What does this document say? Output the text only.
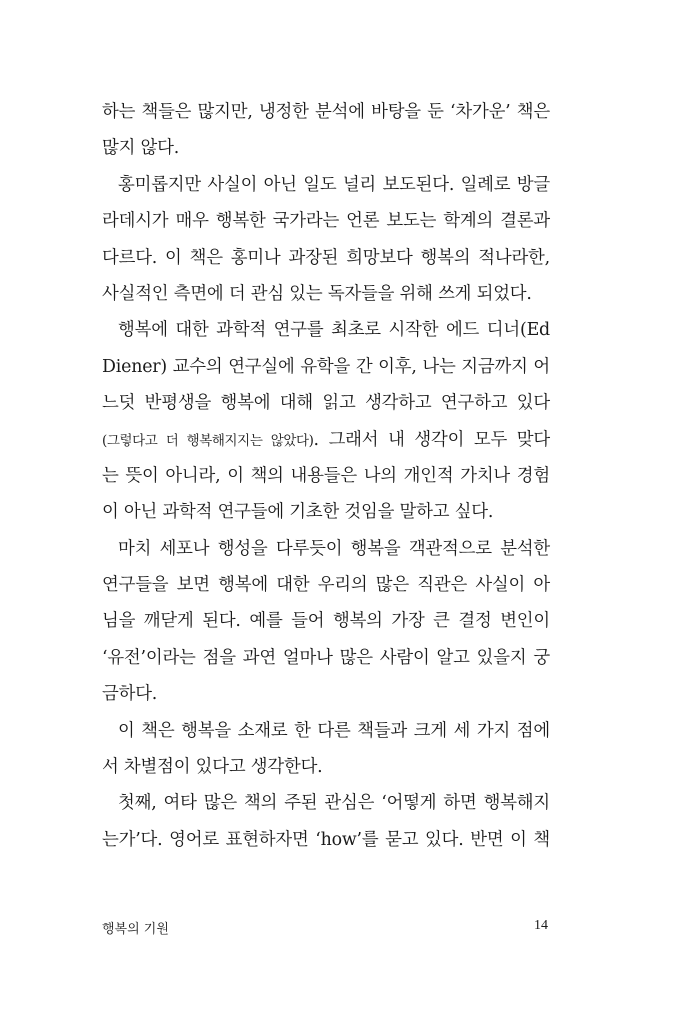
하는 책들은 많지만, 냉정한 분석에 바탕을 둔 ‘차가운’ 책은
많지 않다.
홍미롭지만 사실이 아닌 일도 널리 보도된다. 일례로 방글
라데시가 매우 행복한 국가라는 언론 보도는 학계의 결론과
다르다. 이 책은 홍미나 과장된 희망보다 행복의 적나라한,
사실적인 측면에 더 관심 있는 독자들을 위해 쓰게 되었다.
행복에 대한 과학적 연구를 최초로 시작한 에드 디너(Ed
Diener) 교수의 연구실에 유학을 간 이후, 나는 지금까지 어
느덧 반평생을 행복에 대해 읽고 생각하고 연구하고 있다
(그렇다고 더 행복해지지는 않았다). 그래서 내 생각이 모두 맞다
는 뜻이 아니라, 이 책의 내용들은 나의 개인적 가치나 경험
이 아닌 과학적 연구들에 기초한 것임을 말하고 싶다.
마치 세포나 행성을 다루듯이 행복을 객관적으로 분석한
연구들을 보면 행복에 대한 우리의 많은 직관은 사실이 아
님을 깨닫게 된다. 예를 들어 행복의 가장 큰 결정 변인이
‘유전’이라는 점을 과연 얼마나 많은 사람이 알고 있을지 궁
금하다.
이 책은 행복을 소재로 한 다른 책들과 크게 세 가지 점에
서 차별점이 있다고 생각한다.
첫째, 여타 많은 책의 주된 관심은 ‘어떻게 하면 행복해지
는가’다. 영어로 표현하자면 ‘how’를 묻고 있다. 반면 이 책
행복의 기원	14
